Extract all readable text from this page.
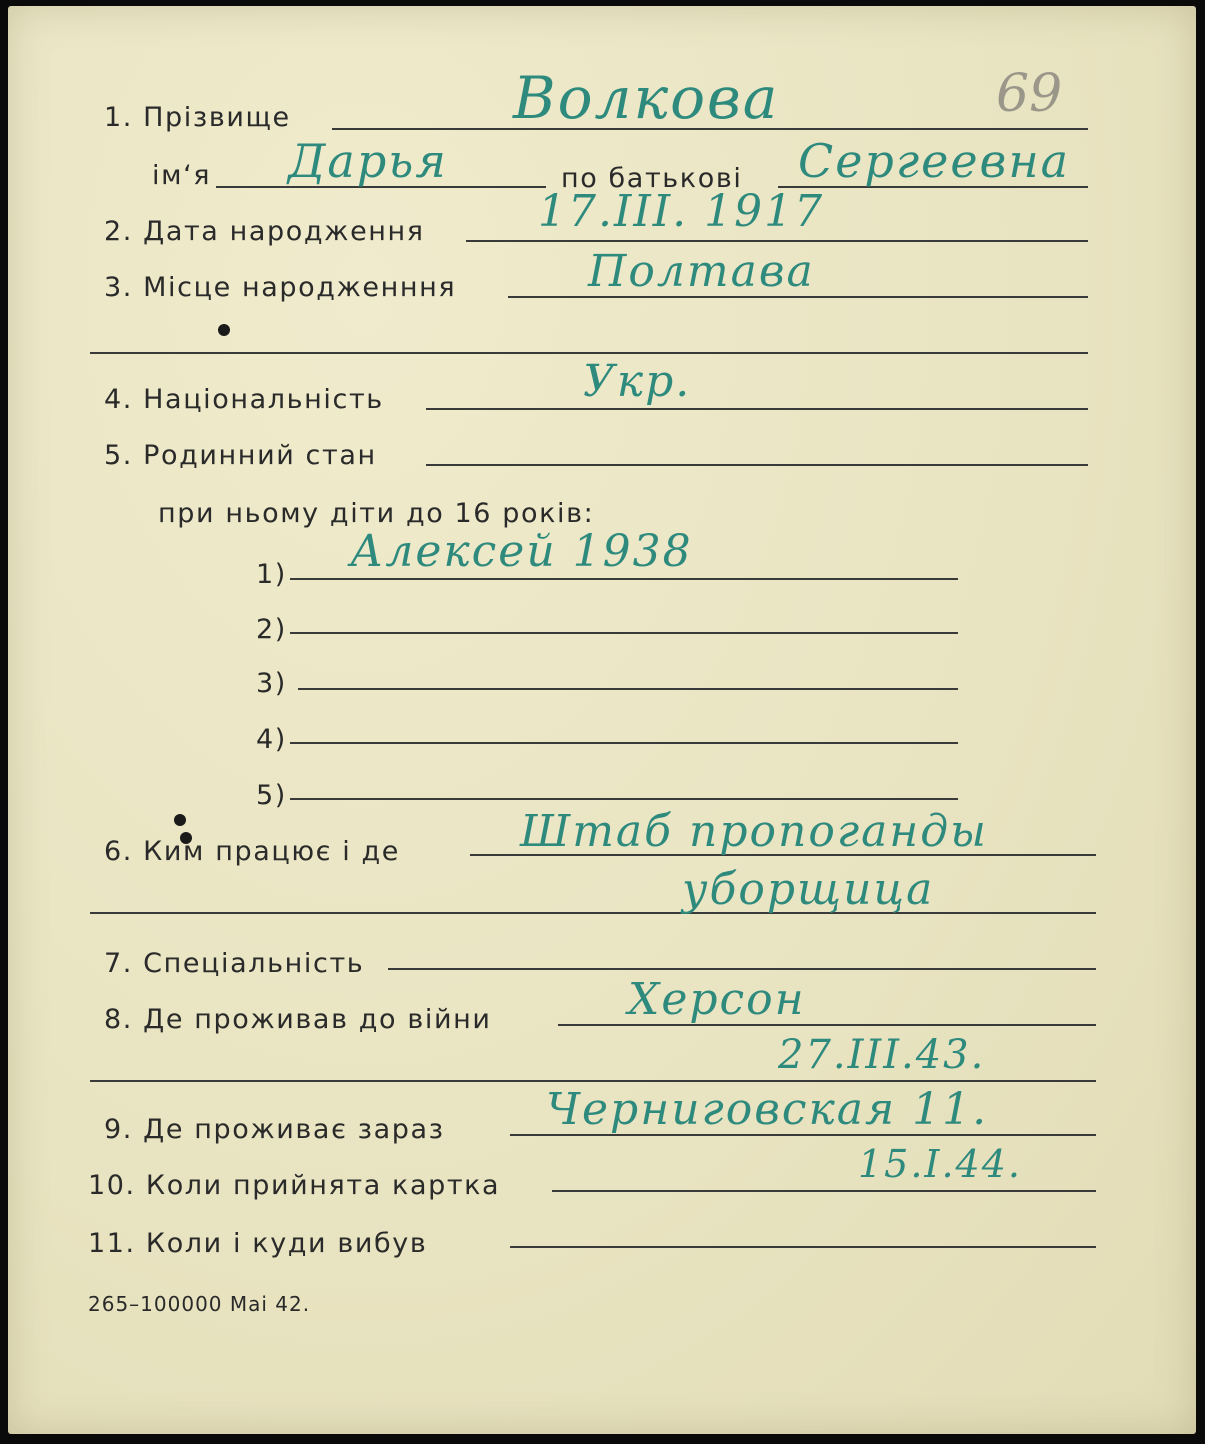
69
1. Прізвище	Волкова
ім‘я Дарья	по батькові Сергеевна
2. Дата народження	17.III. 1917
3. Місце народженння	Полтава
4. Національність	Укр.
5. Родинний стан
при ньому діти до 16 років:
1) Алексей 1938
2)
3)
4)
5)
6. Ким працює і де	Штаб пропоганды
уборщица
7. Спеціальність
8. Де проживав до війни	Херсон
27.III.43.
9. Де проживає зараз Черниговская 11.
10. Коли прийнята картка	15.I.44.
11. Коли і куди вибув
265–100000 Mai 42.
